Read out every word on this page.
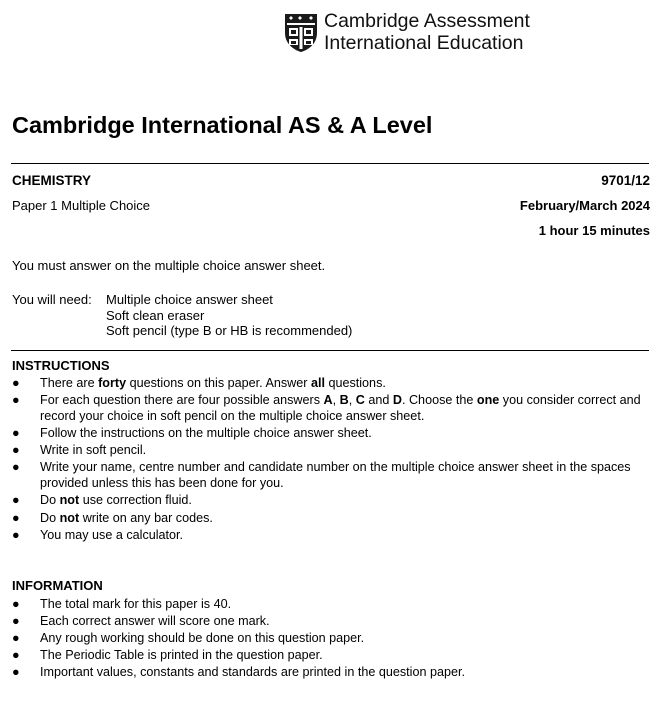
Cambridge Assessment
International Education
Cambridge International AS & A Level
CHEMISTRY	9701/12
Paper 1 Multiple Choice	February/March 2024
1 hour 15 minutes
You must answer on the multiple choice answer sheet.
You will need: Multiple choice answer sheet
Soft clean eraser
Soft pencil (type B or HB is recommended)
INSTRUCTIONS
● There are forty questions on this paper. Answer all questions.
● For each question there are four possible answers A, B, C and D. Choose the one you consider correct and record your choice in soft pencil on the multiple choice answer sheet.
● Follow the instructions on the multiple choice answer sheet.
● Write in soft pencil.
● Write your name, centre number and candidate number on the multiple choice answer sheet in the spaces provided unless this has been done for you.
● Do not use correction fluid.
● Do not write on any bar codes.
● You may use a calculator.
INFORMATION
● The total mark for this paper is 40.
● Each correct answer will score one mark.
● Any rough working should be done on this question paper.
● The Periodic Table is printed in the question paper.
● Important values, constants and standards are printed in the question paper.
